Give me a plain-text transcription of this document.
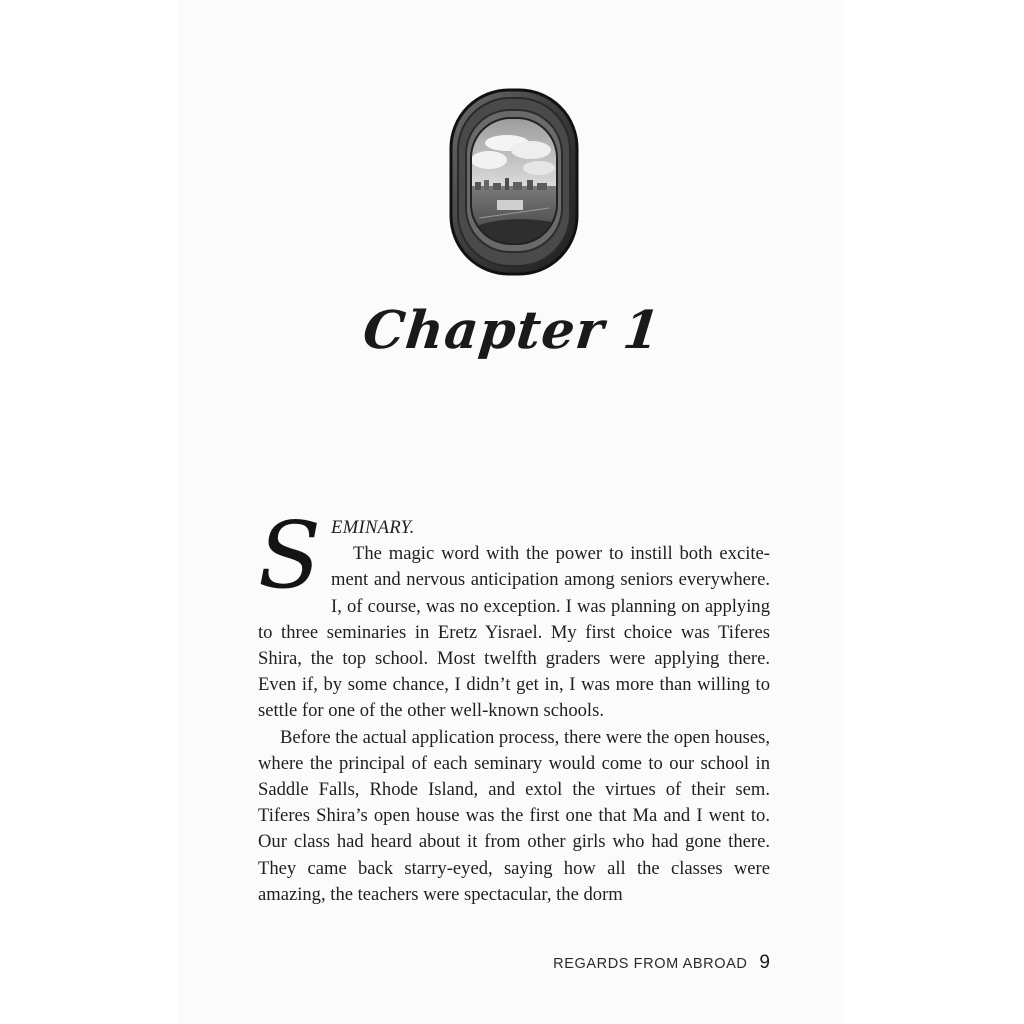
Chapter 1

SEMINARY.
The magic word with the power to instill both excitement and nervous anticipation among seniors everywhere. I, of course, was no exception. I was planning on applying to three seminaries in Eretz Yisrael. My first choice was Tiferes Shira, the top school. Most twelfth graders were applying there. Even if, by some chance, I didn’t get in, I was more than willing to settle for one of the other well-known schools.

Before the actual application process, there were the open houses, where the principal of each seminary would come to our school in Saddle Falls, Rhode Island, and extol the virtues of their sem. Tiferes Shira’s open house was the first one that Ma and I went to. Our class had heard about it from other girls who had gone there. They came back starry-eyed, saying how all the classes were amazing, the teachers were spectacular, the dorm

REGARDS FROM ABROAD 9
